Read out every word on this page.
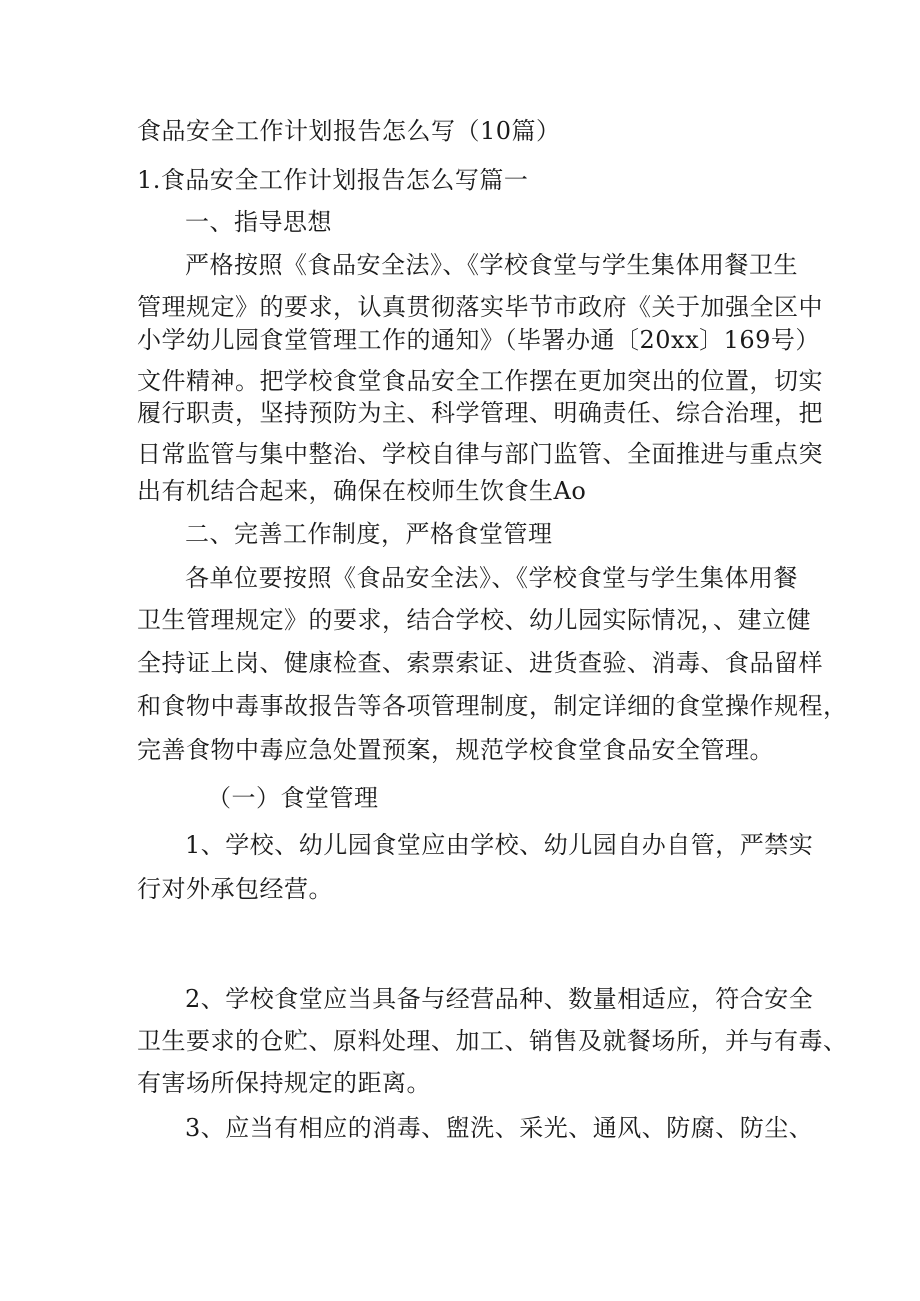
食品安全工作计划报告怎么写（10篇）
1.食品安全工作计划报告怎么写篇一
一、指导思想
严格按照《食品安全法》、《学校食堂与学生集体用餐卫生
管理规定》的要求，认真贯彻落实毕节市政府《关于加强全区中
小学幼儿园食堂管理工作的通知》（毕署办通〔20xx〕169号）
文件精神。把学校食堂食品安全工作摆在更加突出的位置，切实
履行职责，坚持预防为主、科学管理、明确责任、综合治理，把
日常监管与集中整治、学校自律与部门监管、全面推进与重点突
出有机结合起来，确保在校师生饮食生Ao
二、完善工作制度，严格食堂管理
各单位要按照《食品安全法》、《学校食堂与学生集体用餐
卫生管理规定》的要求，结合学校、幼儿园实际情况，、建立健
全持证上岗、健康检查、索票索证、进货查验、消毒、食品留样
和食物中毒事故报告等各项管理制度，制定详细的食堂操作规程，
完善食物中毒应急处置预案，规范学校食堂食品安全管理。
（一）食堂管理
1、学校、幼儿园食堂应由学校、幼儿园自办自管，严禁实
行对外承包经营。
2、学校食堂应当具备与经营品种、数量相适应，符合安全
卫生要求的仓贮、原料处理、加工、销售及就餐场所，并与有毒、
有害场所保持规定的距离。
3、应当有相应的消毒、盥洗、采光、通风、防腐、防尘、
